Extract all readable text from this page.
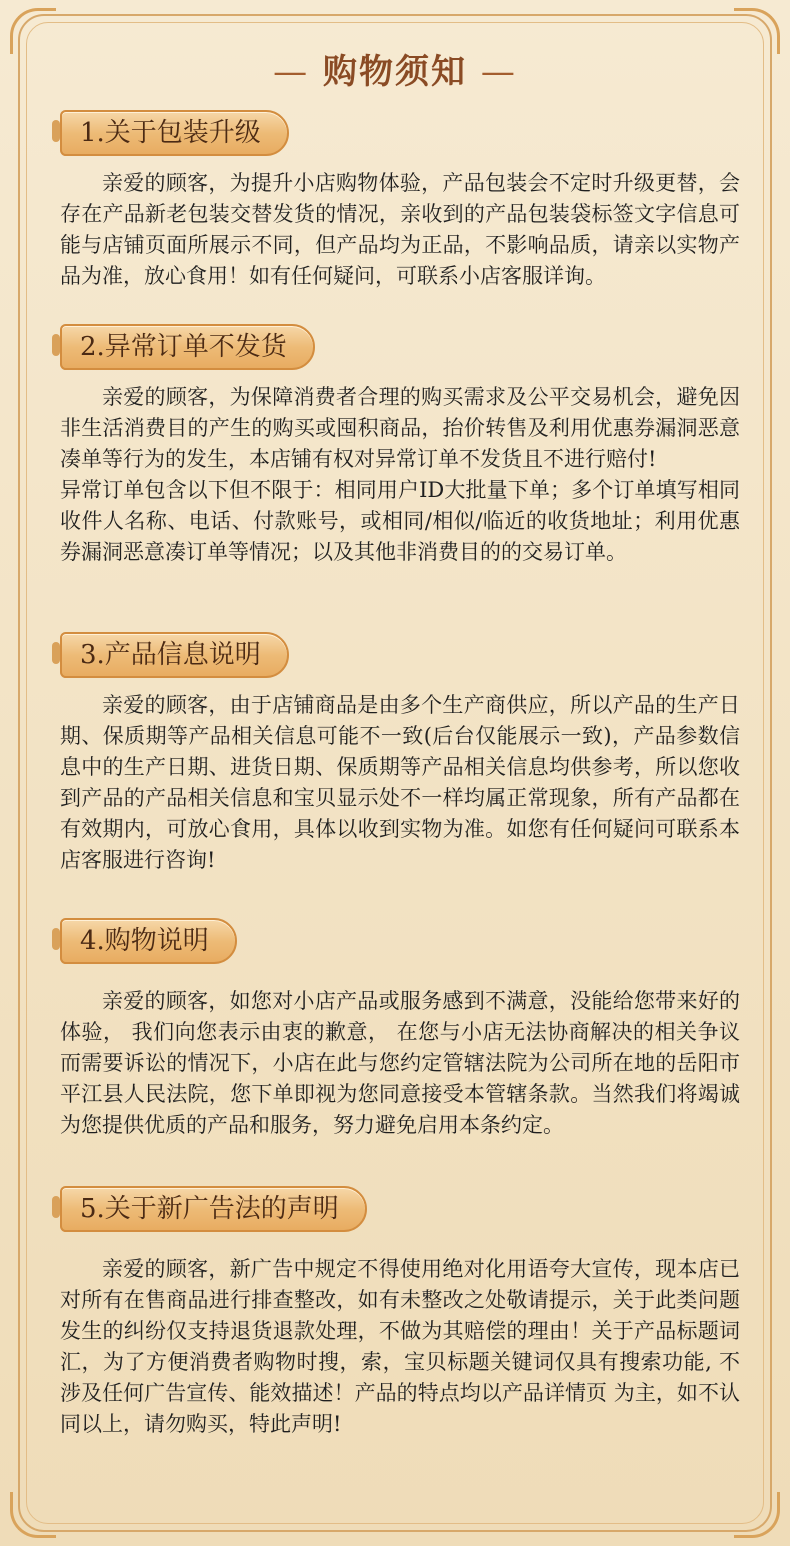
— 购物须知 —
1.关于包装升级

亲爱的顾客，为提升小店购物体验，产品包装会不定时升级更替，会存在产品新老包装交替发货的情况，亲收到的产品包装袋标签文字信息可能与店铺页面所展示不同，但产品均为正品，不影响品质，请亲以实物产品为准，放心食用！如有任何疑问，可联系小店客服详询。

2.异常订单不发货

亲爱的顾客，为保障消费者合理的购买需求及公平交易机会，避免因非生活消费目的产生的购买或囤积商品，抬价转售及利用优惠券漏洞恶意凑单等行为的发生，本店铺有权对异常订单不发货且不进行赔付!

异常订单包含以下但不限于：相同用户ID大批量下单；多个订单填写相同收件人名称、电话、付款账号，或相同/相似/临近的收货地址；利用优惠券漏洞恶意凑订单等情况；以及其他非消费目的的交易订单。

3.产品信息说明

亲爱的顾客，由于店铺商品是由多个生产商供应，所以产品的生产日期、保质期等产品相关信息可能不一致(后台仅能展示一致)，产品参数信息中的生产日期、进货日期、保质期等产品相关信息均供参考，所以您收到产品的产品相关信息和宝贝显示处不一样均属正常现象，所有产品都在有效期内，可放心食用，具体以收到实物为准。如您有任何疑问可联系本店客服进行咨询!

4.购物说明

亲爱的顾客，如您对小店产品或服务感到不满意，没能给您带来好的体验， 我们向您表示由衷的歉意， 在您与小店无法协商解决的相关争议而需要诉讼的情况下，小店在此与您约定管辖法院为公司所在地的岳阳市平江县人民法院，您下单即视为您同意接受本管辖条款。当然我们将竭诚为您提供优质的产品和服务，努力避免启用本条约定。

5.关于新广告法的声明

亲爱的顾客，新广告中规定不得使用绝对化用语夸大宣传，现本店已对所有在售商品进行排查整改，如有未整改之处敬请提示，关于此类问题发生的纠纷仅支持退货退款处理，不做为其赔偿的理由！关于产品标题词汇，为了方便消费者购物时搜，索，宝贝标题关键词仅具有搜索功能, 不涉及任何广告宣传、能效描述！产品的特点均以产品详情页 为主，如不认同以上，请勿购买，特此声明!
